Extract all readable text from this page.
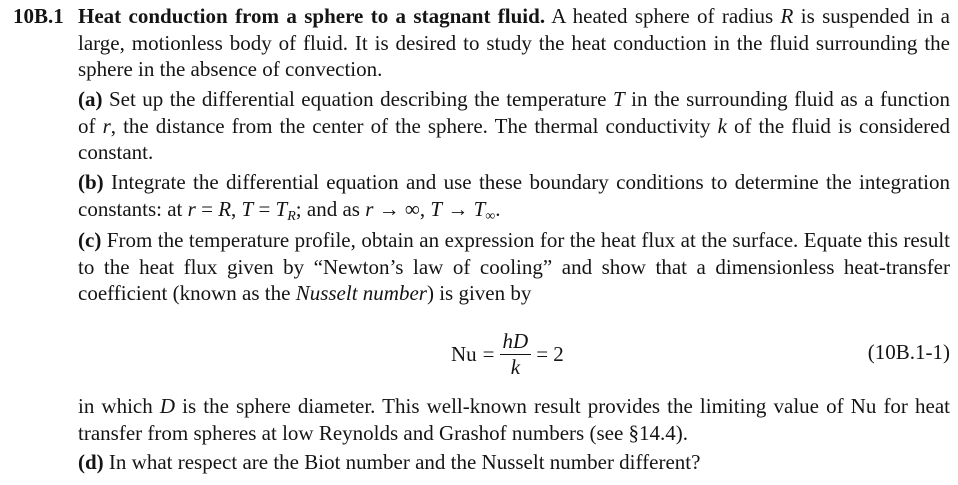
10B.1 Heat conduction from a sphere to a stagnant fluid. A heated sphere of radius R is suspended in a large, motionless body of fluid. It is desired to study the heat conduction in the fluid surrounding the sphere in the absence of convection.
(a) Set up the differential equation describing the temperature T in the surrounding fluid as a function of r, the distance from the center of the sphere. The thermal conductivity k of the fluid is considered constant.
(b) Integrate the differential equation and use these boundary conditions to determine the integration constants: at r = R, $T = T_R$; and as r → ∞, $T \to T_\infty$.
(c) From the temperature profile, obtain an expression for the heat flux at the surface. Equate this result to the heat flux given by “Newton’s law of cooling” and show that a dimensionless heat-transfer coefficient (known as the Nusselt number) is given by
$Nu = \frac{hD}{k} = 2$	(10B.1-1)
in which D is the sphere diameter. This well-known result provides the limiting value of Nu for heat transfer from spheres at low Reynolds and Grashof numbers (see §14.4).
(d) In what respect are the Biot number and the Nusselt number different?
